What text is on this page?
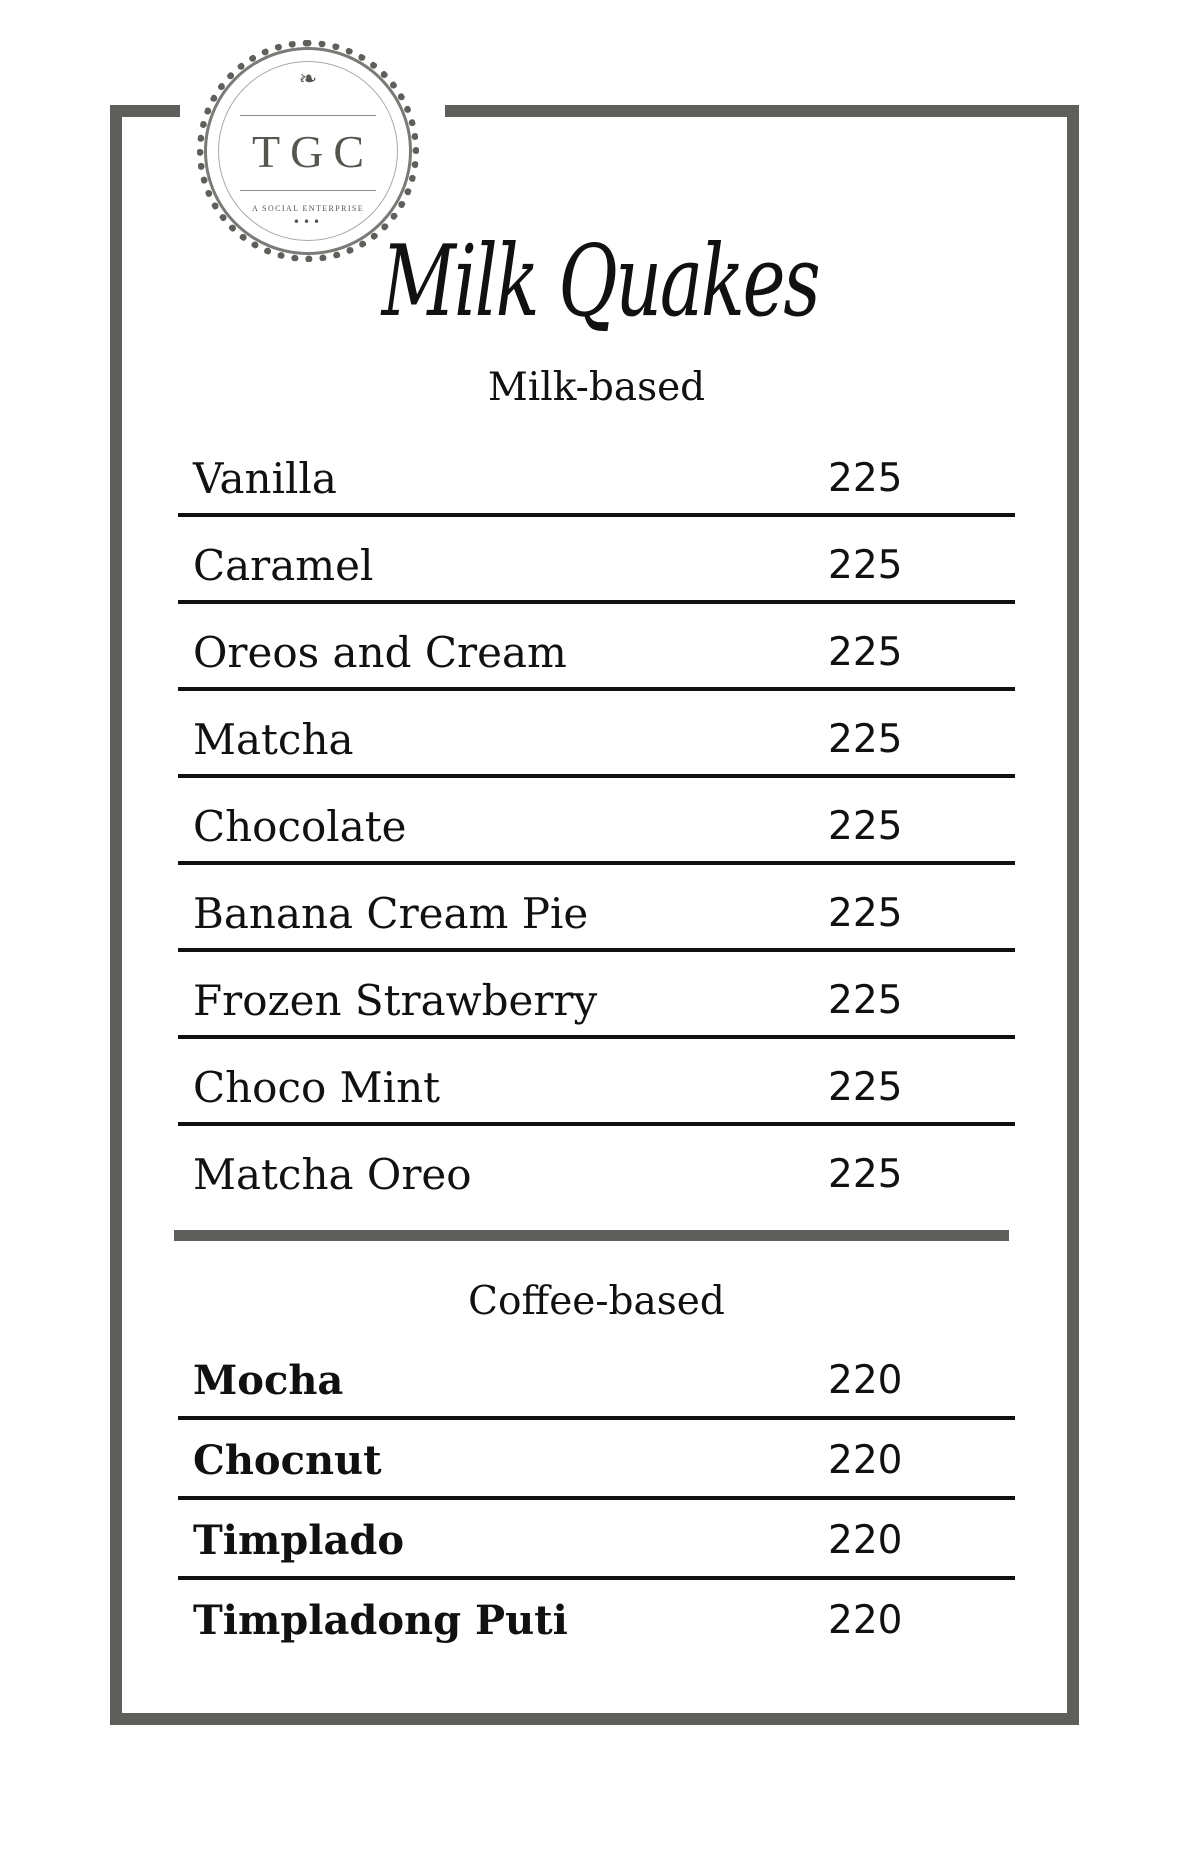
❧
TGC
A SOCIAL ENTERPRISE
•••
Milk Quakes
Milk-based
Vanilla	225
Caramel	225
Oreos and Cream	225
Matcha	225
Chocolate	225
Banana Cream Pie	225
Frozen Strawberry	225
Choco Mint	225
Matcha Oreo	225
Coffee-based
Mocha	220
Chocnut	220
Timplado	220
Timpladong Puti	220
